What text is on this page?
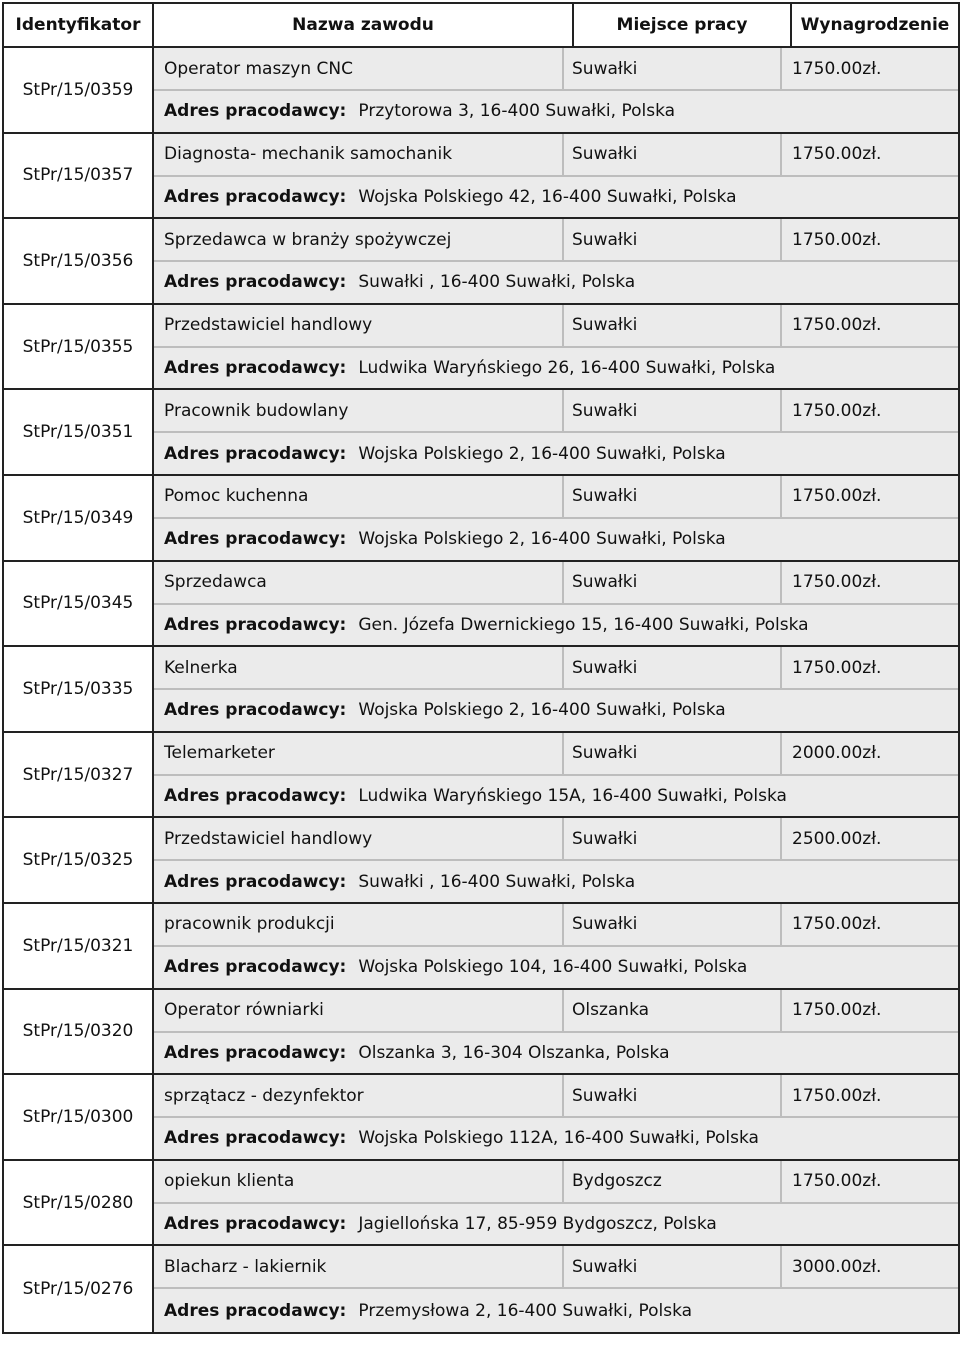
Identyfikator	Nazwa zawodu	Miejsce pracy	Wynagrodzenie
StPr/15/0359
Operator maszyn CNC	Suwałki	1750.00zł.
Adres pracodawcy: Przytorowa 3, 16-400 Suwałki, Polska
StPr/15/0357
Diagnosta- mechanik samochanik	Suwałki	1750.00zł.
Adres pracodawcy: Wojska Polskiego 42, 16-400 Suwałki, Polska
StPr/15/0356
Sprzedawca w branży spożywczej	Suwałki	1750.00zł.
Adres pracodawcy: Suwałki , 16-400 Suwałki, Polska
StPr/15/0355
Przedstawiciel handlowy	Suwałki	1750.00zł.
Adres pracodawcy: Ludwika Waryńskiego 26, 16-400 Suwałki, Polska
StPr/15/0351
Pracownik budowlany	Suwałki	1750.00zł.
Adres pracodawcy: Wojska Polskiego 2, 16-400 Suwałki, Polska
StPr/15/0349
Pomoc kuchenna	Suwałki	1750.00zł.
Adres pracodawcy: Wojska Polskiego 2, 16-400 Suwałki, Polska
StPr/15/0345
Sprzedawca	Suwałki	1750.00zł.
Adres pracodawcy: Gen. Józefa Dwernickiego 15, 16-400 Suwałki, Polska
StPr/15/0335
Kelnerka	Suwałki	1750.00zł.
Adres pracodawcy: Wojska Polskiego 2, 16-400 Suwałki, Polska
StPr/15/0327
Telemarketer	Suwałki	2000.00zł.
Adres pracodawcy: Ludwika Waryńskiego 15A, 16-400 Suwałki, Polska
StPr/15/0325
Przedstawiciel handlowy	Suwałki	2500.00zł.
Adres pracodawcy: Suwałki , 16-400 Suwałki, Polska
StPr/15/0321
pracownik produkcji	Suwałki	1750.00zł.
Adres pracodawcy: Wojska Polskiego 104, 16-400 Suwałki, Polska
StPr/15/0320
Operator równiarki	Olszanka	1750.00zł.
Adres pracodawcy: Olszanka 3, 16-304 Olszanka, Polska
StPr/15/0300
sprzątacz - dezynfektor	Suwałki	1750.00zł.
Adres pracodawcy: Wojska Polskiego 112A, 16-400 Suwałki, Polska
StPr/15/0280
opiekun klienta	Bydgoszcz	1750.00zł.
Adres pracodawcy: Jagiellońska 17, 85-959 Bydgoszcz, Polska
StPr/15/0276
Blacharz - lakiernik	Suwałki	3000.00zł.
Adres pracodawcy: Przemysłowa 2, 16-400 Suwałki, Polska
